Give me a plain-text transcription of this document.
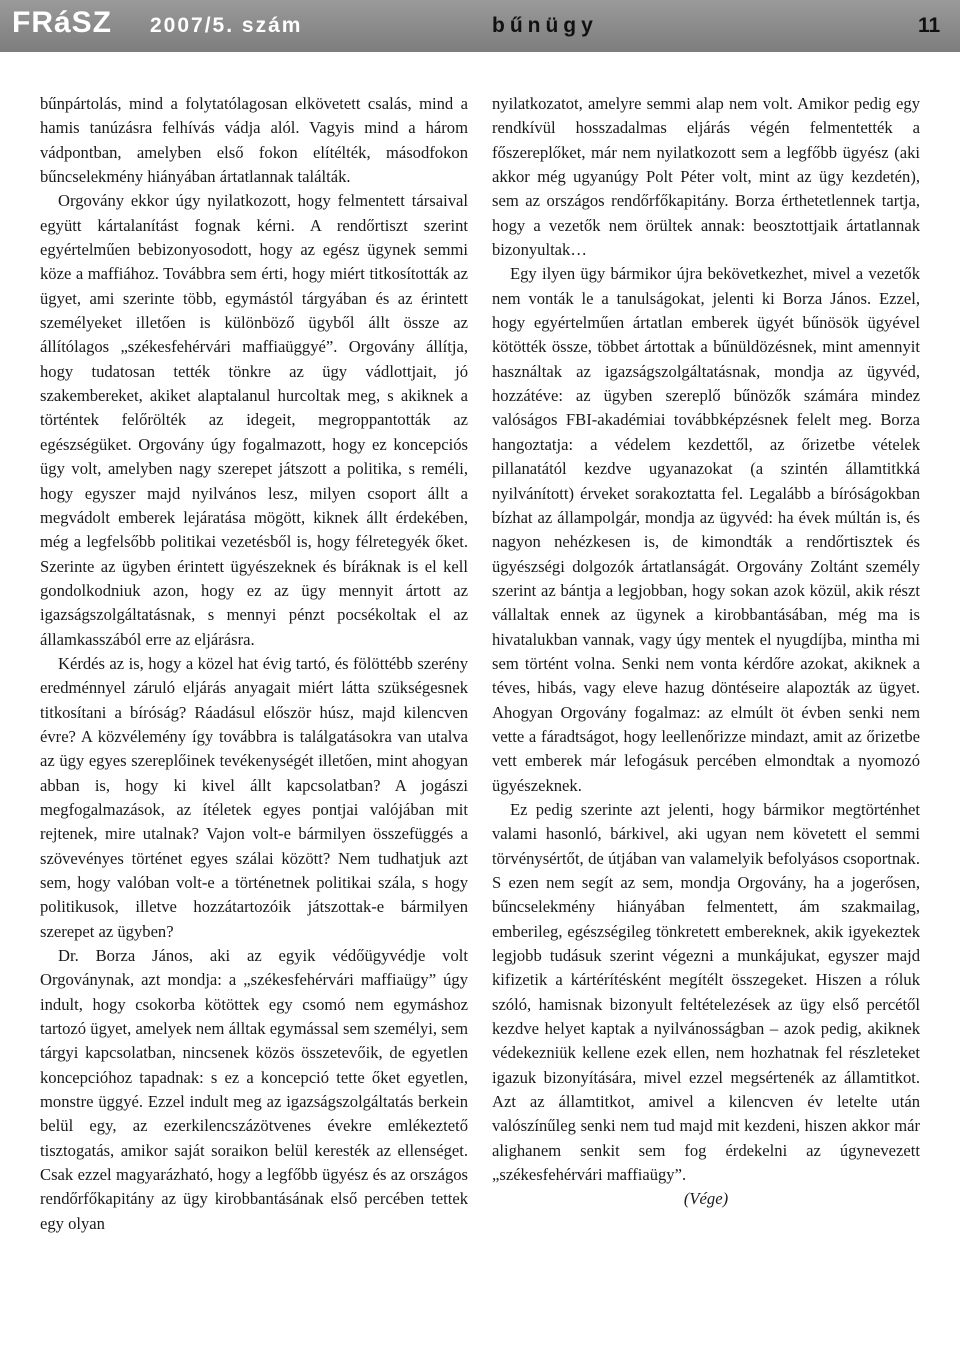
FRáSZ 2007/5. szám	bűnügy	11

bűnpártolás, mind a folytatólagosan elkövetett csalás, mind a hamis tanúzásra felhívás vádja alól. Vagyis mind a három vádpontban, amelyben első fokon elítélték, másodfokon bűncselekmény hiányában ártatlannak találták.

Orgovány ekkor úgy nyilatkozott, hogy felmentett társaival együtt kártalanítást fognak kérni. A rendőrtiszt szerint egyértelműen bebizonyosodott, hogy az egész ügynek semmi köze a maffiához. Továbbra sem érti, hogy miért titkosították az ügyet, ami szerinte több, egymástól tárgyában és az érintett személyeket illetően is különböző ügyből állt össze az állítólagos „székesfehérvári maffiaüggyé”. Orgovány állítja, hogy tudatosan tették tönkre az ügy vádlottjait, jó szakembereket, akiket alaptalanul hurcoltak meg, s akiknek a történtek felőrölték az idegeit, megroppantották az egészségüket. Orgovány úgy fogalmazott, hogy ez koncepciós ügy volt, amelyben nagy szerepet játszott a politika, s reméli, hogy egyszer majd nyilvános lesz, milyen csoport állt a megvádolt emberek lejáratása mögött, kiknek állt érdekében, még a legfelsőbb politikai vezetésből is, hogy félretegyék őket. Szerinte az ügyben érintett ügyészeknek és bíráknak is el kell gondolkodniuk azon, hogy ez az ügy mennyit ártott az igazságszolgáltatásnak, s mennyi pénzt pocsékoltak el az államkasszából erre az eljárásra.

Kérdés az is, hogy a közel hat évig tartó, és fölöttébb szerény eredménnyel záruló eljárás anyagait miért látta szükségesnek titkosítani a bíróság? Ráadásul először húsz, majd kilencven évre? A közvélemény így továbbra is találgatásokra van utalva az ügy egyes szereplőinek tevékenységét illetően, mint ahogyan abban is, hogy ki kivel állt kapcsolatban? A jogászi megfogalmazások, az ítéletek egyes pontjai valójában mit rejtenek, mire utalnak? Vajon volt-e bármilyen összefüggés a szövevényes történet egyes szálai között? Nem tudhatjuk azt sem, hogy valóban volt-e a történetnek politikai szála, s hogy politikusok, illetve hozzátartozóik játszottak-e bármilyen szerepet az ügyben?

Dr. Borza János, aki az egyik védőügyvédje volt Orgoványnak, azt mondja: a „székesfehérvári maffiaügy” úgy indult, hogy csokorba kötöttek egy csomó nem egymáshoz tartozó ügyet, amelyek nem álltak egymással sem személyi, sem tárgyi kapcsolatban, nincsenek közös összetevőik, de egyetlen koncepcióhoz tapadnak: s ez a koncepció tette őket egyetlen, monstre üggyé. Ezzel indult meg az igazságszolgáltatás berkein belül egy, az ezerkilencszázötvenes évekre emlékeztető tisztogatás, amikor saját soraikon belül keresték az ellenséget. Csak ezzel magyarázható, hogy a legfőbb ügyész és az országos rendőrfőkapitány az ügy kirobbantásának első percében tettek egy olyan

nyilatkozatot, amelyre semmi alap nem volt. Amikor pedig egy rendkívül hosszadalmas eljárás végén felmentették a főszereplőket, már nem nyilatkozott sem a legfőbb ügyész (aki akkor még ugyanúgy Polt Péter volt, mint az ügy kezdetén), sem az országos rendőrfőkapitány. Borza érthetetlennek tartja, hogy a vezetők nem örültek annak: beosztottjaik ártatlannak bizonyultak…

Egy ilyen ügy bármikor újra bekövetkezhet, mivel a vezetők nem vonták le a tanulságokat, jelenti ki Borza János. Ezzel, hogy egyértelműen ártatlan emberek ügyét bűnösök ügyével kötötték össze, többet ártottak a bűnüldözésnek, mint amennyit használtak az igazságszolgáltatásnak, mondja az ügyvéd, hozzátéve: az ügyben szereplő bűnözők számára mindez valóságos FBI-akadémiai továbbképzésnek felelt meg. Borza hangoztatja: a védelem kezdettől, az őrizetbe vételek pillanatától kezdve ugyanazokat (a szintén államtitkká nyilvánított) érveket sorakoztatta fel. Legalább a bíróságokban bízhat az állampolgár, mondja az ügyvéd: ha évek múltán is, és nagyon nehézkesen is, de kimondták a rendőrtisztek és ügyészségi dolgozók ártatlanságát. Orgovány Zoltánt személy szerint az bántja a legjobban, hogy sokan azok közül, akik részt vállaltak ennek az ügynek a kirobbantásában, még ma is hivatalukban vannak, vagy úgy mentek el nyugdíjba, mintha mi sem történt volna. Senki nem vonta kérdőre azokat, akiknek a téves, hibás, vagy eleve hazug döntéseire alapozták az ügyet. Ahogyan Orgovány fogalmaz: az elmúlt öt évben senki nem vette a fáradtságot, hogy leellenőrizze mindazt, amit az őrizetbe vett emberek már lefogásuk percében elmondtak a nyomozó ügyészeknek.

Ez pedig szerinte azt jelenti, hogy bármikor megtörténhet valami hasonló, bárkivel, aki ugyan nem követett el semmi törvénysértőt, de útjában van valamelyik befolyásos csoportnak. S ezen nem segít az sem, mondja Orgovány, ha a jogerősen, bűncselekmény hiányában felmentett, ám szakmailag, emberileg, egészségileg tönkretett embereknek, akik igyekeztek legjobb tudásuk szerint végezni a munkájukat, egyszer majd kifizetik a kártérítésként megítélt összegeket. Hiszen a róluk szóló, hamisnak bizonyult feltételezések az ügy első percétől kezdve helyet kaptak a nyilvánosságban – azok pedig, akiknek védekezniük kellene ezek ellen, nem hozhatnak fel részleteket igazuk bizonyítására, mivel ezzel megsértenék az államtitkot. Azt az államtitkot, amivel a kilencven év letelte után valószínűleg senki nem tud majd mit kezdeni, hiszen akkor már alighanem senkit sem fog érdekelni az úgynevezett „székesfehérvári maffiaügy”.

(Vége)
